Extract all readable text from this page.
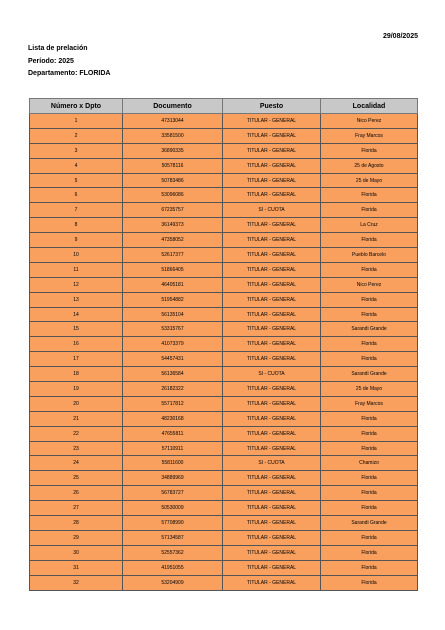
29/08/2025
Lista de prelación
Período: 2025
Departamento: FLORIDA
Número x Dpto	Documento	Puesto	Localidad
1	47313044	TITULAR - GENERAL	Nico Perez
2	33581500	TITULAR - GENERAL	Fray Marcos
3	36890335	TITULAR - GENERAL	Florida
4	50578116	TITULAR - GENERAL	25 de Agosto
5	50783486	TITULAR - GENERAL	25 de Mayo
6	53096086	TITULAR - GENERAL	Florida
7	67235757	SI - CUOTA	Florida
8	36149373	TITULAR - GENERAL	La Cruz
9	47358052	TITULAR - GENERAL	Florida
10	52617377	TITULAR - GENERAL	Pueblo Barcelo
11	51866405	TITULAR - GENERAL	Florida
12	46405181	TITULAR - GENERAL	Nico Perez
13	51954882	TITULAR - GENERAL	Florida
14	56135104	TITULAR - GENERAL	Florida
15	53315767	TITULAR - GENERAL	Sarandi Grande
16	41073379	TITULAR - GENERAL	Florida
17	54457431	TITULAR - GENERAL	Florida
18	56136584	SI - CUOTA	Sarandi Grande
19	26182322	TITULAR - GENERAL	25 de Mayo
20	55717812	TITULAR - GENERAL	Fray Marcos
21	48230168	TITULAR - GENERAL	Florida
22	47655811	TITULAR - GENERAL	Florida
23	57110911	TITULAR - GENERAL	Florida
24	55811600	SI - CUOTA	Chamizo
25	34889969	TITULAR - GENERAL	Florida
26	56783727	TITULAR - GENERAL	Florida
27	50530009	TITULAR - GENERAL	Florida
28	57708990	TITULAR - GENERAL	Sarandi Grande
29	57134587	TITULAR - GENERAL	Florida
30	52557362	TITULAR - GENERAL	Florida
31	41951055	TITULAR - GENERAL	Florida
32	53204909	TITULAR - GENERAL	Florida
